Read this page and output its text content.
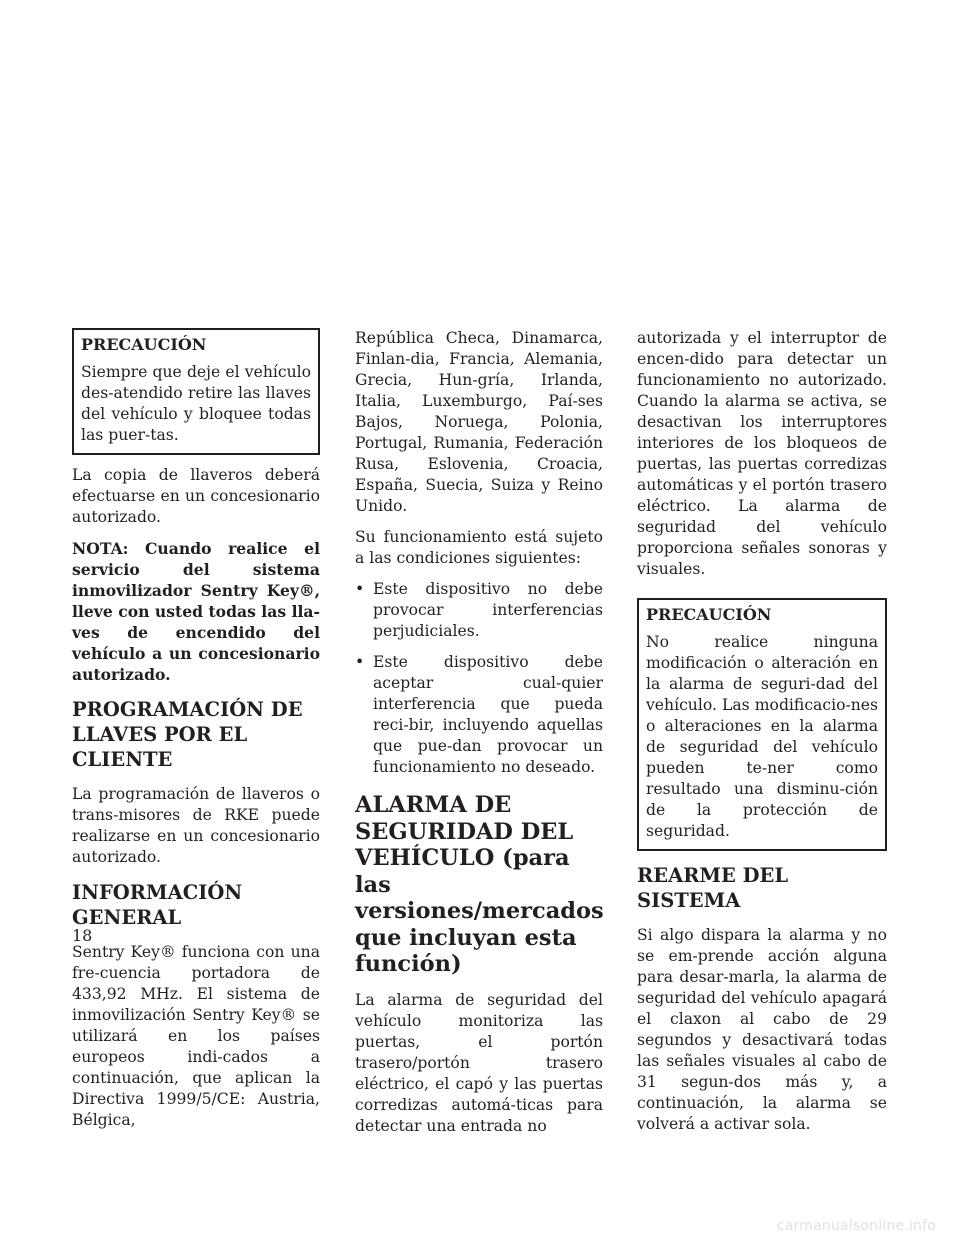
PRECAUCIÓN
Siempre que deje el vehículo des-atendido retire las llaves del vehículo y bloquee todas las puer-tas.

La copia de llaveros deberá efectuarse en un concesionario autorizado.

NOTA: Cuando realice el servicio del sistema inmovilizador Sentry Key®, lleve con usted todas las lla-ves de encendido del vehículo a un concesionario autorizado.

PROGRAMACIÓN DE LLAVES POR EL CLIENTE

La programación de llaveros o trans-misores de RKE puede realizarse en un concesionario autorizado.

INFORMACIÓN GENERAL

Sentry Key® funciona con una fre-cuencia portadora de 433,92 MHz. El sistema de inmovilización Sentry Key® se utilizará en los países europeos indi-cados a continuación, que aplican la Directiva 1999/5/CE: Austria, Bélgica,

República Checa, Dinamarca, Finlan-dia, Francia, Alemania, Grecia, Hun-gría, Irlanda, Italia, Luxemburgo, Paí-ses Bajos, Noruega, Polonia, Portugal, Rumania, Federación Rusa, Eslovenia, Croacia, España, Suecia, Suiza y Reino Unido.

Su funcionamiento está sujeto a las condiciones siguientes:

• Este dispositivo no debe provocar interferencias perjudiciales.
• Este dispositivo debe aceptar cual-quier interferencia que pueda reci-bir, incluyendo aquellas que pue-dan provocar un funcionamiento no deseado.
ALARMA DE SEGURIDAD DEL VEHÍCULO (para las versiones/mercados que incluyan esta función)

La alarma de seguridad del vehículo monitoriza las puertas, el portón trasero/portón trasero eléctrico, el capó y las puertas corredizas automá-ticas para detectar una entrada no

autorizada y el interruptor de encen-dido para detectar un funcionamiento no autorizado. Cuando la alarma se activa, se desactivan los interruptores interiores de los bloqueos de puertas, las puertas corredizas automáticas y el portón trasero eléctrico. La alarma de seguridad del vehículo proporciona señales sonoras y visuales.

PRECAUCIÓN
No realice ninguna modificación o alteración en la alarma de seguri-dad del vehículo. Las modificacio-nes o alteraciones en la alarma de seguridad del vehículo pueden te-ner como resultado una disminu-ción de la protección de seguridad.
REARME DEL SISTEMA

Si algo dispara la alarma y no se em-prende acción alguna para desar-marla, la alarma de seguridad del vehículo apagará el claxon al cabo de 29 segundos y desactivará todas las señales visuales al cabo de 31 segun-dos más y, a continuación, la alarma se volverá a activar sola.

18
carmanualsonline.info
